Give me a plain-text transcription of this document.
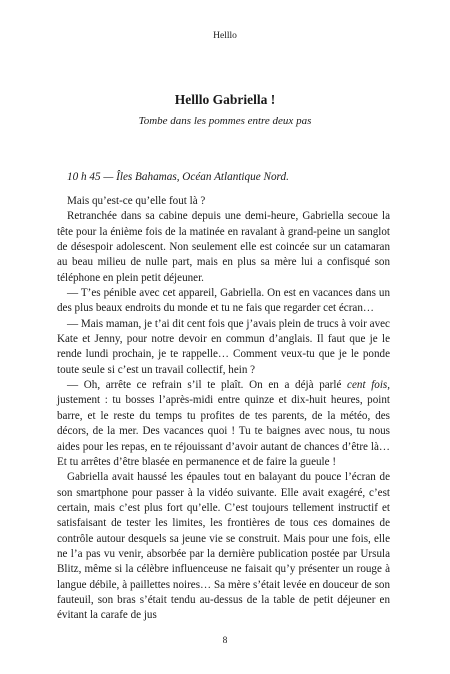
Helllo
Helllo Gabriella !
Tombe dans les pommes entre deux pas
10 h 45 — Îles Bahamas, Océan Atlantique Nord.

Mais qu’est-ce qu’elle fout là ?

Retranchée dans sa cabine depuis une demi-heure, Gabriella secoue la tête pour la énième fois de la matinée en ravalant à grand-peine un sanglot de désespoir adolescent. Non seulement elle est coincée sur un catamaran au beau milieu de nulle part, mais en plus sa mère lui a confisqué son téléphone en plein petit déjeuner.

— T’es pénible avec cet appareil, Gabriella. On est en vacances dans un des plus beaux endroits du monde et tu ne fais que regarder cet écran…

— Mais maman, je t’ai dit cent fois que j’avais plein de trucs à voir avec Kate et Jenny, pour notre devoir en commun d’anglais. Il faut que je le rende lundi prochain, je te rappelle… Comment veux-tu que je le ponde toute seule si c’est un travail collectif, hein ?

— Oh, arrête ce refrain s’il te plaît. On en a déjà parlé cent fois, justement : tu bosses l’après-midi entre quinze et dix-huit heures, point barre, et le reste du temps tu profites de tes parents, de la météo, des décors, de la mer. Des vacances quoi ! Tu te baignes avec nous, tu nous aides pour les repas, en te réjouissant d’avoir autant de chances d’être là… Et tu arrêtes d’être blasée en permanence et de faire la gueule !

Gabriella avait haussé les épaules tout en balayant du pouce l’écran de son smartphone pour passer à la vidéo suivante. Elle avait exagéré, c’est certain, mais c’est plus fort qu’elle. C’est toujours tellement instructif et satisfaisant de tester les limites, les frontières de tous ces domaines de contrôle autour desquels sa jeune vie se construit. Mais pour une fois, elle ne l’a pas vu venir, absorbée par la dernière publication postée par Ursula Blitz, même si la célèbre influenceuse ne faisait qu’y présenter un rouge à langue débile, à paillettes noires… Sa mère s’était levée en douceur de son fauteuil, son bras s’était tendu au-dessus de la table de petit déjeuner en évitant la carafe de jus

8
